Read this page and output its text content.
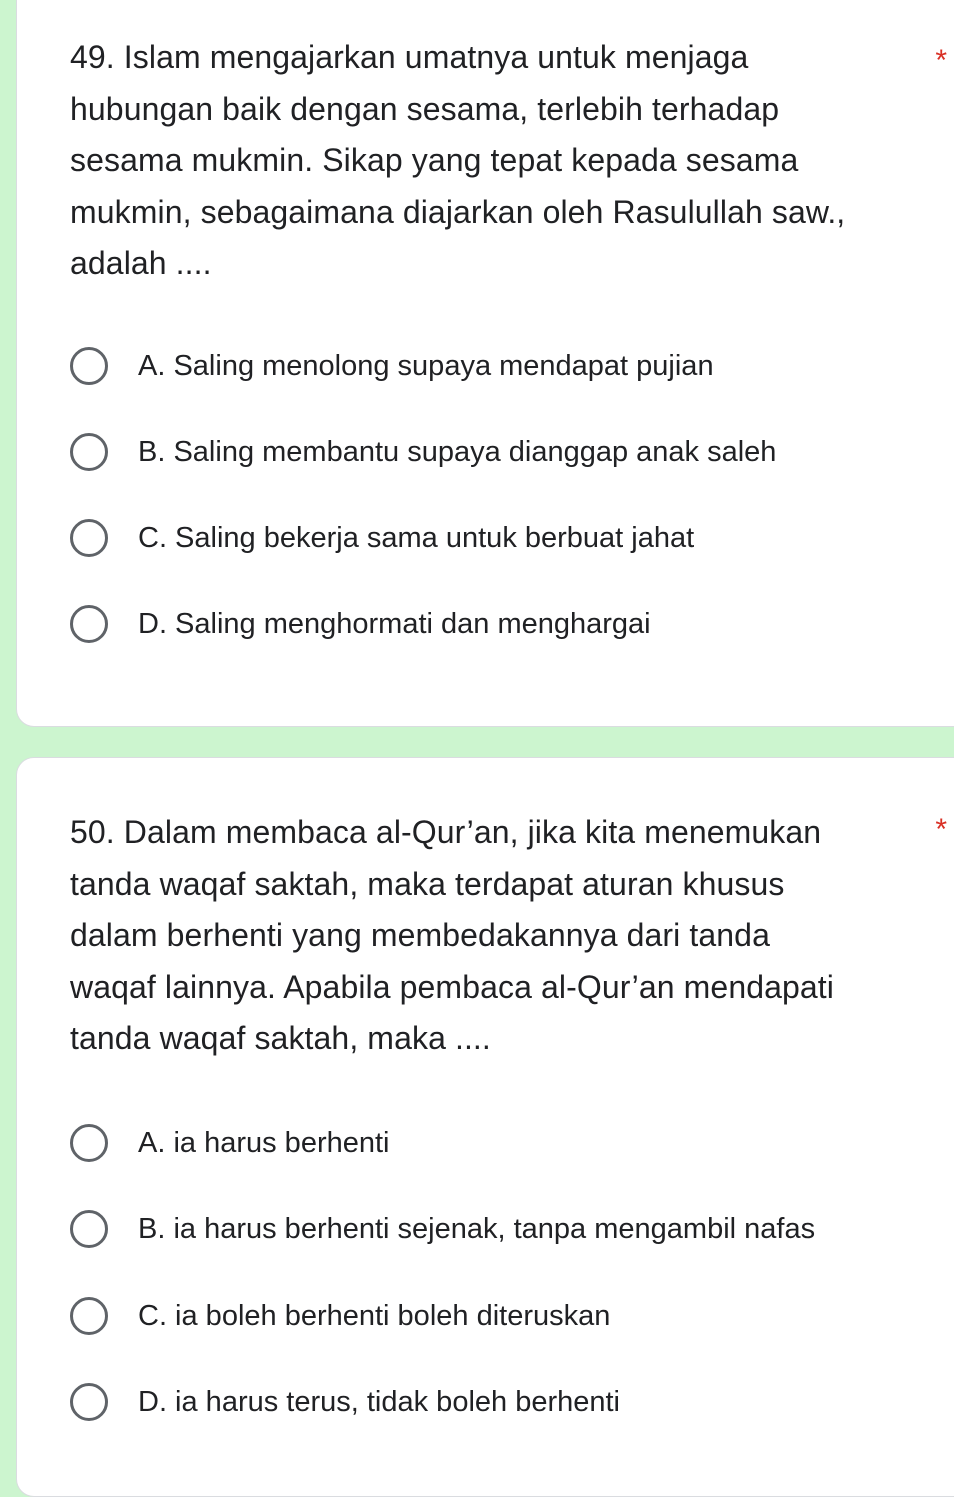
49. Islam mengajarkan umatnya untuk menjaga
hubungan baik dengan sesama, terlebih terhadap
sesama mukmin. Sikap yang tepat kepada sesama
mukmin, sebagaimana diajarkan oleh Rasulullah saw.,
adalah ....
*
A. Saling menolong supaya mendapat pujian
B. Saling membantu supaya dianggap anak saleh
C. Saling bekerja sama untuk berbuat jahat
D. Saling menghormati dan menghargai
50. Dalam membaca al-Qur’an, jika kita menemukan
tanda waqaf saktah, maka terdapat aturan khusus
dalam berhenti yang membedakannya dari tanda
waqaf lainnya. Apabila pembaca al-Qur’an mendapati
tanda waqaf saktah, maka ....
*
A. ia harus berhenti
B. ia harus berhenti sejenak, tanpa mengambil nafas
C. ia boleh berhenti boleh diteruskan
D. ia harus terus, tidak boleh berhenti
